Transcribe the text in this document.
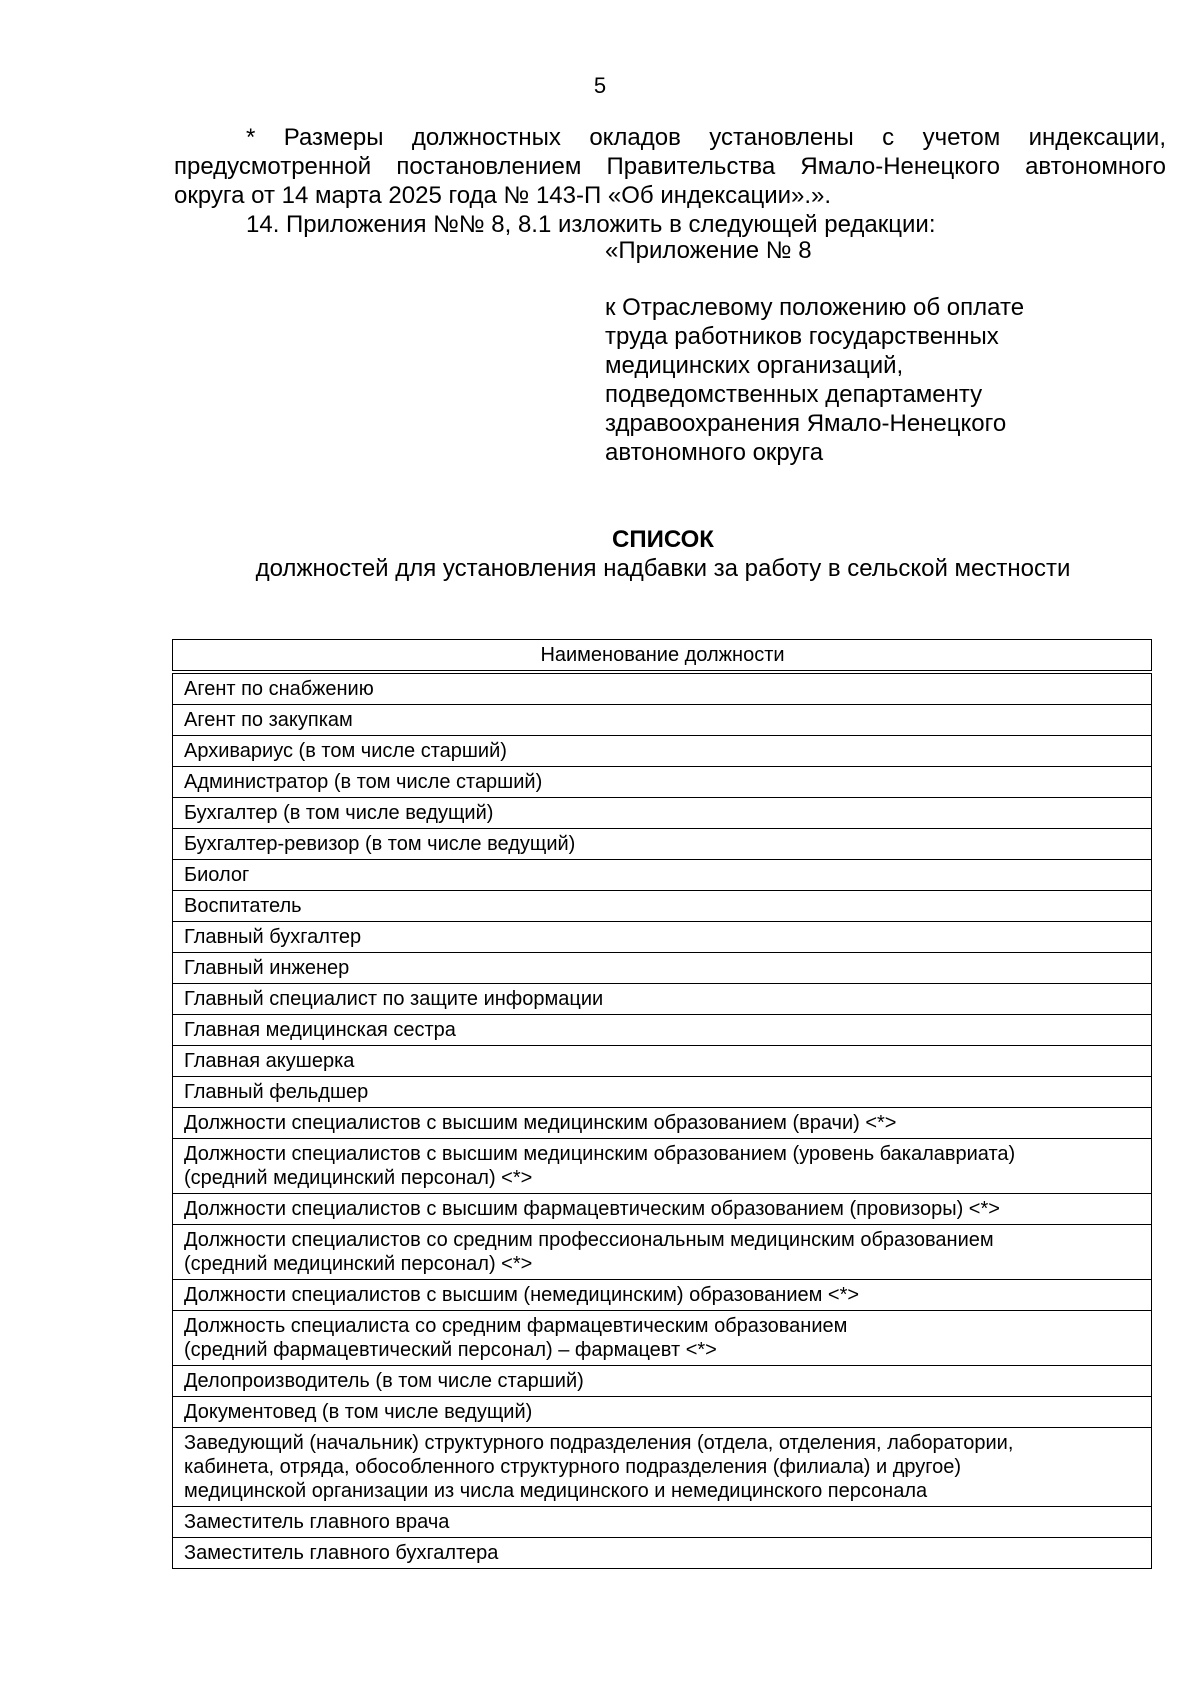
5

* Размеры должностных окладов установлены с учетом индексации, предусмотренной постановлением Правительства Ямало-Ненецкого автономного округа от 14 марта 2025 года № 143-П «Об индексации».».

14. Приложения №№ 8, 8.1 изложить в следующей редакции:

«Приложение № 8

к Отраслевому положению об оплате
труда работников государственных
медицинских организаций,
подведомственных департаменту
здравоохранения Ямало-Ненецкого
автономного округа
СПИСОК
должностей для установления надбавки за работу в сельской местности
Наименование должности

Агент по снабжению

Агент по закупкам

Архивариус (в том числе старший)

Администратор (в том числе старший)

Бухгалтер (в том числе ведущий)

Бухгалтер-ревизор (в том числе ведущий)

Биолог

Воспитатель

Главный бухгалтер

Главный инженер

Главный специалист по защите информации

Главная медицинская сестра

Главная акушерка

Главный фельдшер

Должности специалистов с высшим медицинским образованием (врачи) <*>

Должности специалистов с высшим медицинским образованием (уровень бакалавриата)
(средний медицинский персонал) <*>

Должности специалистов с высшим фармацевтическим образованием (провизоры) <*>

Должности специалистов со средним профессиональным медицинским образованием
(средний медицинский персонал) <*>

Должности специалистов с высшим (немедицинским) образованием <*>

Должность специалиста со средним фармацевтическим образованием
(средний фармацевтический персонал) – фармацевт <*>

Делопроизводитель (в том числе старший)

Документовед (в том числе ведущий)

Заведующий (начальник) структурного подразделения (отдела, отделения, лаборатории,
кабинета, отряда, обособленного структурного подразделения (филиала) и другое)
медицинской организации из числа медицинского и немедицинского персонала

Заместитель главного врача

Заместитель главного бухгалтера
